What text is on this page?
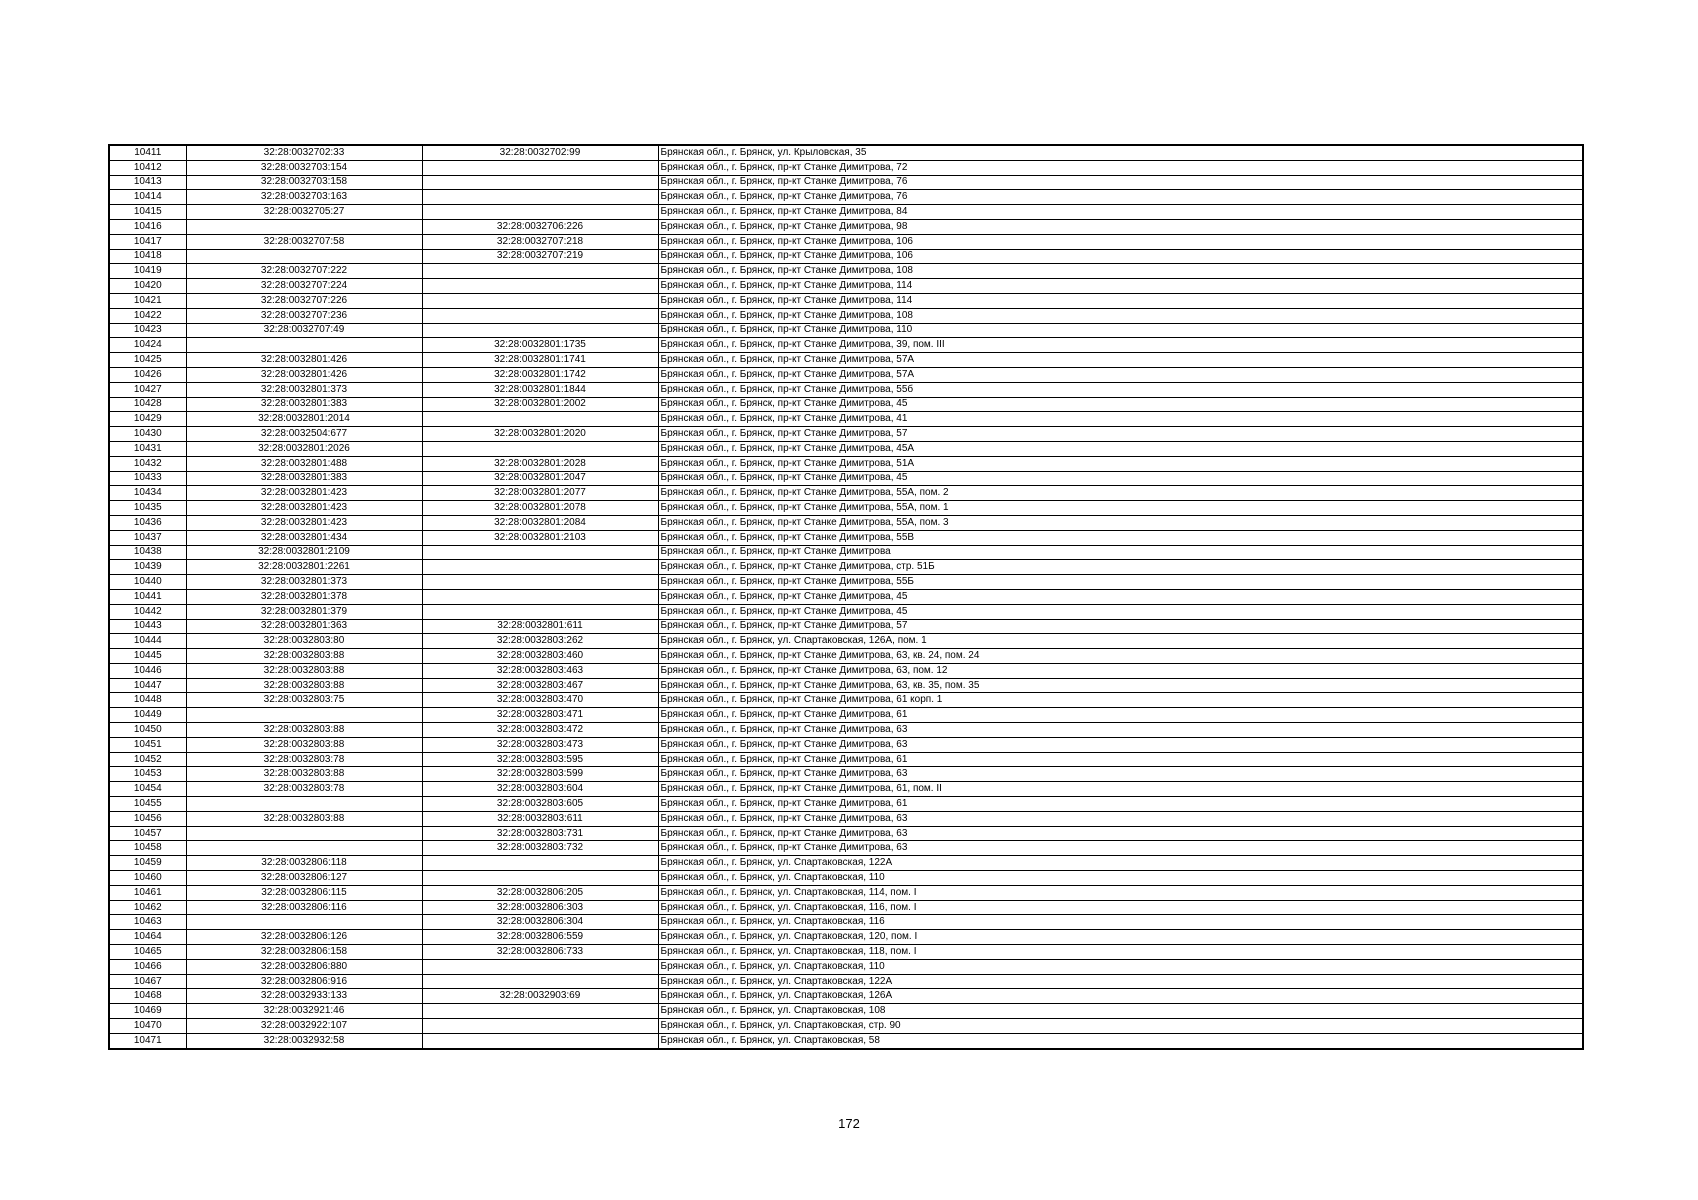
10411	32:28:0032702:33	32:28:0032702:99	Брянская обл., г. Брянск, ул. Крыловская, 35
10412	32:28:0032703:154		Брянская обл., г. Брянск, пр-кт Станке Димитрова, 72
10413	32:28:0032703:158		Брянская обл., г. Брянск, пр-кт Станке Димитрова, 76
10414	32:28:0032703:163		Брянская обл., г. Брянск, пр-кт Станке Димитрова, 76
10415	32:28:0032705:27		Брянская обл., г. Брянск, пр-кт Станке Димитрова, 84
10416		32:28:0032706:226	Брянская обл., г. Брянск, пр-кт Станке Димитрова, 98
10417	32:28:0032707:58	32:28:0032707:218	Брянская обл., г. Брянск, пр-кт Станке Димитрова, 106
10418		32:28:0032707:219	Брянская обл., г. Брянск, пр-кт Станке Димитрова, 106
10419	32:28:0032707:222		Брянская обл., г. Брянск, пр-кт Станке Димитрова, 108
10420	32:28:0032707:224		Брянская обл., г. Брянск, пр-кт Станке Димитрова, 114
10421	32:28:0032707:226		Брянская обл., г. Брянск, пр-кт Станке Димитрова, 114
10422	32:28:0032707:236		Брянская обл., г. Брянск, пр-кт Станке Димитрова, 108
10423	32:28:0032707:49		Брянская обл., г. Брянск, пр-кт Станке Димитрова, 110
10424		32:28:0032801:1735	Брянская обл., г. Брянск, пр-кт Станке Димитрова, 39, пом. III
10425	32:28:0032801:426	32:28:0032801:1741	Брянская обл., г. Брянск, пр-кт Станке Димитрова, 57А
10426	32:28:0032801:426	32:28:0032801:1742	Брянская обл., г. Брянск, пр-кт Станке Димитрова, 57А
10427	32:28:0032801:373	32:28:0032801:1844	Брянская обл., г. Брянск, пр-кт Станке Димитрова, 55б
10428	32:28:0032801:383	32:28:0032801:2002	Брянская обл., г. Брянск, пр-кт Станке Димитрова, 45
10429	32:28:0032801:2014		Брянская обл., г. Брянск, пр-кт Станке Димитрова, 41
10430	32:28:0032504:677	32:28:0032801:2020	Брянская обл., г. Брянск, пр-кт Станке Димитрова, 57
10431	32:28:0032801:2026		Брянская обл., г. Брянск, пр-кт Станке Димитрова, 45А
10432	32:28:0032801:488	32:28:0032801:2028	Брянская обл., г. Брянск, пр-кт Станке Димитрова, 51А
10433	32:28:0032801:383	32:28:0032801:2047	Брянская обл., г. Брянск, пр-кт Станке Димитрова, 45
10434	32:28:0032801:423	32:28:0032801:2077	Брянская обл., г. Брянск, пр-кт Станке Димитрова, 55А, пом. 2
10435	32:28:0032801:423	32:28:0032801:2078	Брянская обл., г. Брянск, пр-кт Станке Димитрова, 55А, пом. 1
10436	32:28:0032801:423	32:28:0032801:2084	Брянская обл., г. Брянск, пр-кт Станке Димитрова, 55А, пом. 3
10437	32:28:0032801:434	32:28:0032801:2103	Брянская обл., г. Брянск, пр-кт Станке Димитрова, 55В
10438	32:28:0032801:2109		Брянская обл., г. Брянск, пр-кт Станке Димитрова
10439	32:28:0032801:2261		Брянская обл., г. Брянск, пр-кт Станке Димитрова, стр. 51Б
10440	32:28:0032801:373		Брянская обл., г. Брянск, пр-кт Станке Димитрова, 55Б
10441	32:28:0032801:378		Брянская обл., г. Брянск, пр-кт Станке Димитрова, 45
10442	32:28:0032801:379		Брянская обл., г. Брянск, пр-кт Станке Димитрова, 45
10443	32:28:0032801:363	32:28:0032801:611	Брянская обл., г. Брянск, пр-кт Станке Димитрова, 57
10444	32:28:0032803:80	32:28:0032803:262	Брянская обл., г. Брянск, ул. Спартаковская, 126А, пом. 1
10445	32:28:0032803:88	32:28:0032803:460	Брянская обл., г. Брянск, пр-кт Станке Димитрова, 63, кв. 24, пом. 24
10446	32:28:0032803:88	32:28:0032803:463	Брянская обл., г. Брянск, пр-кт Станке Димитрова, 63, пом. 12
10447	32:28:0032803:88	32:28:0032803:467	Брянская обл., г. Брянск, пр-кт Станке Димитрова, 63, кв. 35, пом. 35
10448	32:28:0032803:75	32:28:0032803:470	Брянская обл., г. Брянск, пр-кт Станке Димитрова, 61 корп. 1
10449		32:28:0032803:471	Брянская обл., г. Брянск, пр-кт Станке Димитрова, 61
10450	32:28:0032803:88	32:28:0032803:472	Брянская обл., г. Брянск, пр-кт Станке Димитрова, 63
10451	32:28:0032803:88	32:28:0032803:473	Брянская обл., г. Брянск, пр-кт Станке Димитрова, 63
10452	32:28:0032803:78	32:28:0032803:595	Брянская обл., г. Брянск, пр-кт Станке Димитрова, 61
10453	32:28:0032803:88	32:28:0032803:599	Брянская обл., г. Брянск, пр-кт Станке Димитрова, 63
10454	32:28:0032803:78	32:28:0032803:604	Брянская обл., г. Брянск, пр-кт Станке Димитрова, 61, пом. II
10455		32:28:0032803:605	Брянская обл., г. Брянск, пр-кт Станке Димитрова, 61
10456	32:28:0032803:88	32:28:0032803:611	Брянская обл., г. Брянск, пр-кт Станке Димитрова, 63
10457		32:28:0032803:731	Брянская обл., г. Брянск, пр-кт Станке Димитрова, 63
10458		32:28:0032803:732	Брянская обл., г. Брянск, пр-кт Станке Димитрова, 63
10459	32:28:0032806:118		Брянская обл., г. Брянск, ул. Спартаковская, 122А
10460	32:28:0032806:127		Брянская обл., г. Брянск, ул. Спартаковская, 110
10461	32:28:0032806:115	32:28:0032806:205	Брянская обл., г. Брянск, ул. Спартаковская, 114, пом. I
10462	32:28:0032806:116	32:28:0032806:303	Брянская обл., г. Брянск, ул. Спартаковская, 116, пом. I
10463		32:28:0032806:304	Брянская обл., г. Брянск, ул. Спартаковская, 116
10464	32:28:0032806:126	32:28:0032806:559	Брянская обл., г. Брянск, ул. Спартаковская, 120, пом. I
10465	32:28:0032806:158	32:28:0032806:733	Брянская обл., г. Брянск, ул. Спартаковская, 118, пом. I
10466	32:28:0032806:880		Брянская обл., г. Брянск, ул. Спартаковская, 110
10467	32:28:0032806:916		Брянская обл., г. Брянск, ул. Спартаковская, 122А
10468	32:28:0032933:133	32:28:0032903:69	Брянская обл., г. Брянск, ул. Спартаковская, 126А
10469	32:28:0032921:46		Брянская обл., г. Брянск, ул. Спартаковская, 108
10470	32:28:0032922:107		Брянская обл., г. Брянск, ул. Спартаковская, стр. 90
10471	32:28:0032932:58		Брянская обл., г. Брянск, ул. Спартаковская, 58
172
